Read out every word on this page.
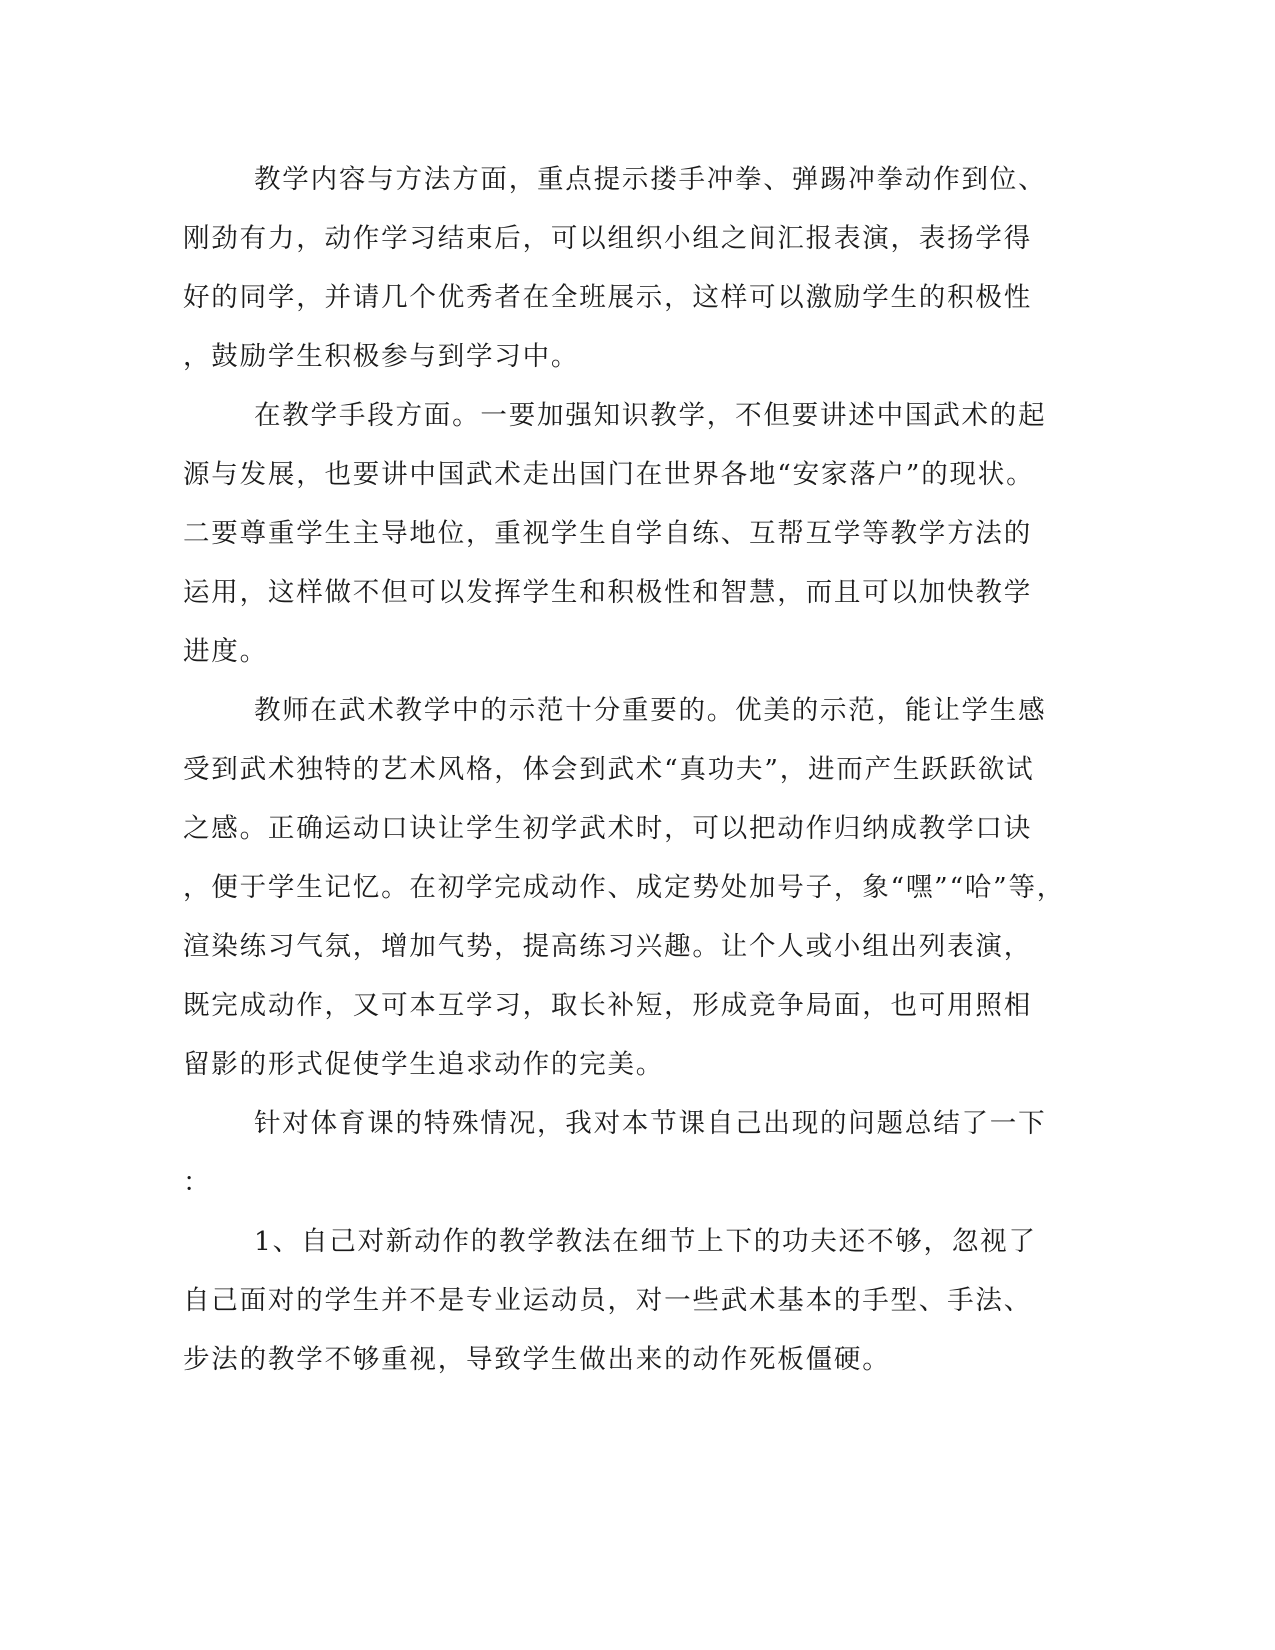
教学内容与方法方面，重点提示搂手冲拳、弹踢冲拳动作到位、
刚劲有力，动作学习结束后，可以组织小组之间汇报表演，表扬学得
好的同学，并请几个优秀者在全班展示，这样可以激励学生的积极性
，鼓励学生积极参与到学习中。
在教学手段方面。一要加强知识教学，不但要讲述中国武术的起
源与发展，也要讲中国武术走出国门在世界各地“安家落户”的现状。
二要尊重学生主导地位，重视学生自学自练、互帮互学等教学方法的
运用，这样做不但可以发挥学生和积极性和智慧，而且可以加快教学
进度。
教师在武术教学中的示范十分重要的。优美的示范，能让学生感
受到武术独特的艺术风格，体会到武术“真功夫”，进而产生跃跃欲试
之感。正确运动口诀让学生初学武术时，可以把动作归纳成教学口诀
，便于学生记忆。在初学完成动作、成定势处加号子，象“嘿”“哈”等，
渲染练习气氛，增加气势，提高练习兴趣。让个人或小组出列表演，
既完成动作，又可本互学习，取长补短，形成竞争局面，也可用照相
留影的形式促使学生追求动作的完美。
针对体育课的特殊情况，我对本节课自己出现的问题总结了一下
：
1、自己对新动作的教学教法在细节上下的功夫还不够，忽视了
自己面对的学生并不是专业运动员，对一些武术基本的手型、手法、
步法的教学不够重视，导致学生做出来的动作死板僵硬。
